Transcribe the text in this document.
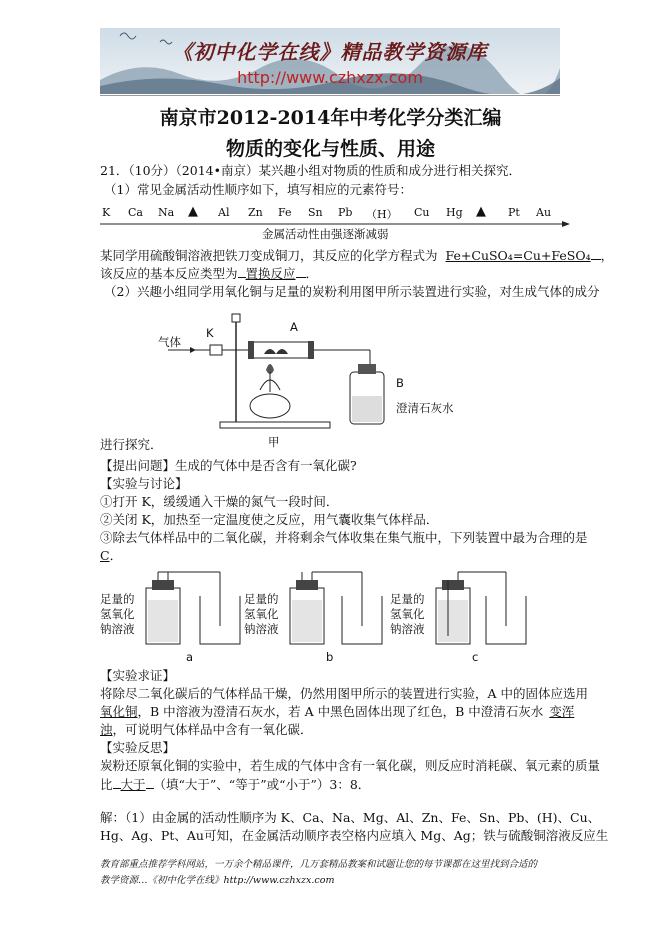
《初中化学在线》精品教学资源库
http://www.czhxzx.com
南京市2012-2014年中考化学分类汇编
物质的变化与性质、用途
21．（10分）（2014•南京）某兴趣小组对物质的性质和成分进行相关探究．
（1）常见金属活动性顺序如下，填写相应的元素符号：
K Ca Na ▲ Al Zn Fe Sn Pb （H） Cu Hg ▲ Pt Au
金属活动性由强逐渐减弱
某同学用硫酸铜溶液把铁刀变成铜刀，其反应的化学方程式为 Fe+CuSO₄=Cu+FeSO₄ ，
该反应的基本反应类型为 置换反应 ．
（2）兴趣小组同学用氧化铜与足量的炭粉利用图甲所示装置进行实验，对生成气体的成分
气体
K	A
B
澄清石灰水
甲
进行探究．
【提出问题】生成的气体中是否含有一氧化碳?
【实验与讨论】
①打开 K，缓缓通入干燥的氮气一段时间．
②关闭 K，加热至一定温度使之反应，用气囊收集气体样品．
③除去气体样品中的二氧化碳，并将剩余气体收集在集气瓶中，下列装置中最为合理的是
C．
足量的氢氧化钠溶液
足量的氢氧化钠溶液
足量的氢氧化钠溶液
a	b	c
【实验求证】
将除尽二氧化碳后的气体样品干燥，仍然用图甲所示的装置进行实验，A 中的固体应选用
氧化铜，B 中溶液为澄清石灰水，若 A 中黑色固体出现了红色，B 中澄清石灰水 变浑
浊，可说明气体样品中含有一氧化碳．
【实验反思】
炭粉还原氧化铜的实验中，若生成的气体中含有一氧化碳，则反应时消耗碳、氧元素的质量
比 大于 （填“大于”、“等于”或“小于”）3：8．
解：（1）由金属的活动性顺序为 K、Ca、Na、Mg、Al、Zn、Fe、Sn、Pb、(H)、Cu、
Hg、Ag、Pt、Au可知，在金属活动顺序表空格内应填入 Mg、Ag；铁与硫酸铜溶液反应生
教育部重点推荐学科网站，一万余个精品课件，几万套精品教案和试题让您的每节课都在这里找到合适的
教学资源…《初中化学在线》http://www.czhxzx.com
